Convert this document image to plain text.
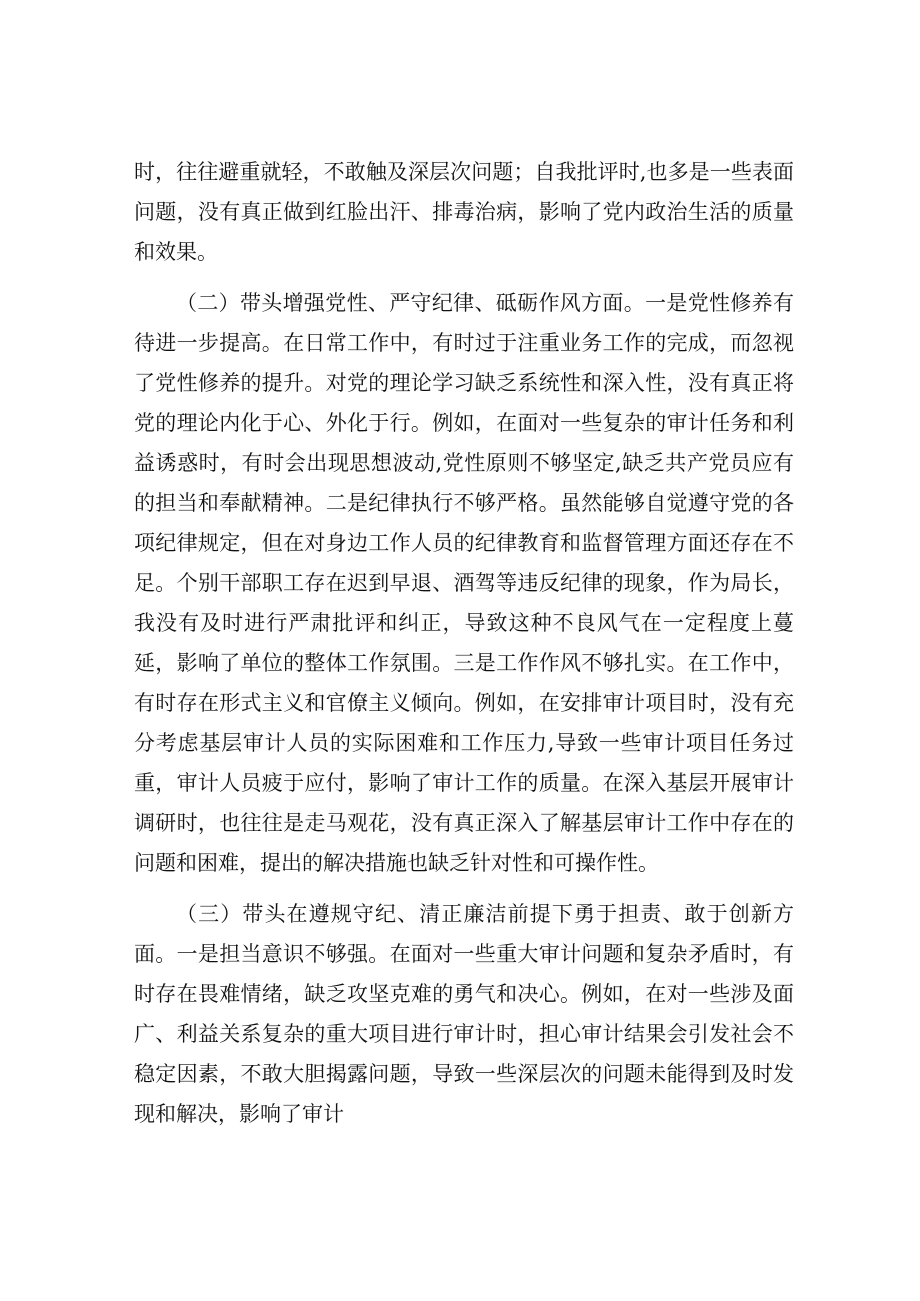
时，往往避重就轻，不敢触及深层次问题；自我批评时,也多是一些表面问题，没有真正做到红脸出汗、排毒治病，影响了党内政治生活的质量和效果。

（二）带头增强党性、严守纪律、砥砺作风方面。一是党性修养有待进一步提高。在日常工作中，有时过于注重业务工作的完成，而忽视了党性修养的提升。对党的理论学习缺乏系统性和深入性，没有真正将党的理论内化于心、外化于行。例如，在面对一些复杂的审计任务和利益诱惑时，有时会出现思想波动,党性原则不够坚定,缺乏共产党员应有的担当和奉献精神。二是纪律执行不够严格。虽然能够自觉遵守党的各项纪律规定，但在对身边工作人员的纪律教育和监督管理方面还存在不足。个别干部职工存在迟到早退、酒驾等违反纪律的现象，作为局长，我没有及时进行严肃批评和纠正，导致这种不良风气在一定程度上蔓延，影响了单位的整体工作氛围。三是工作作风不够扎实。在工作中，有时存在形式主义和官僚主义倾向。例如，在安排审计项目时，没有充分考虑基层审计人员的实际困难和工作压力,导致一些审计项目任务过重，审计人员疲于应付，影响了审计工作的质量。在深入基层开展审计调研时，也往往是走马观花，没有真正深入了解基层审计工作中存在的问题和困难，提出的解决措施也缺乏针对性和可操作性。

（三）带头在遵规守纪、清正廉洁前提下勇于担责、敢于创新方面。一是担当意识不够强。在面对一些重大审计问题和复杂矛盾时，有时存在畏难情绪，缺乏攻坚克难的勇气和决心。例如，在对一些涉及面广、利益关系复杂的重大项目进行审计时，担心审计结果会引发社会不稳定因素，不敢大胆揭露问题，导致一些深层次的问题未能得到及时发现和解决，影响了审计
